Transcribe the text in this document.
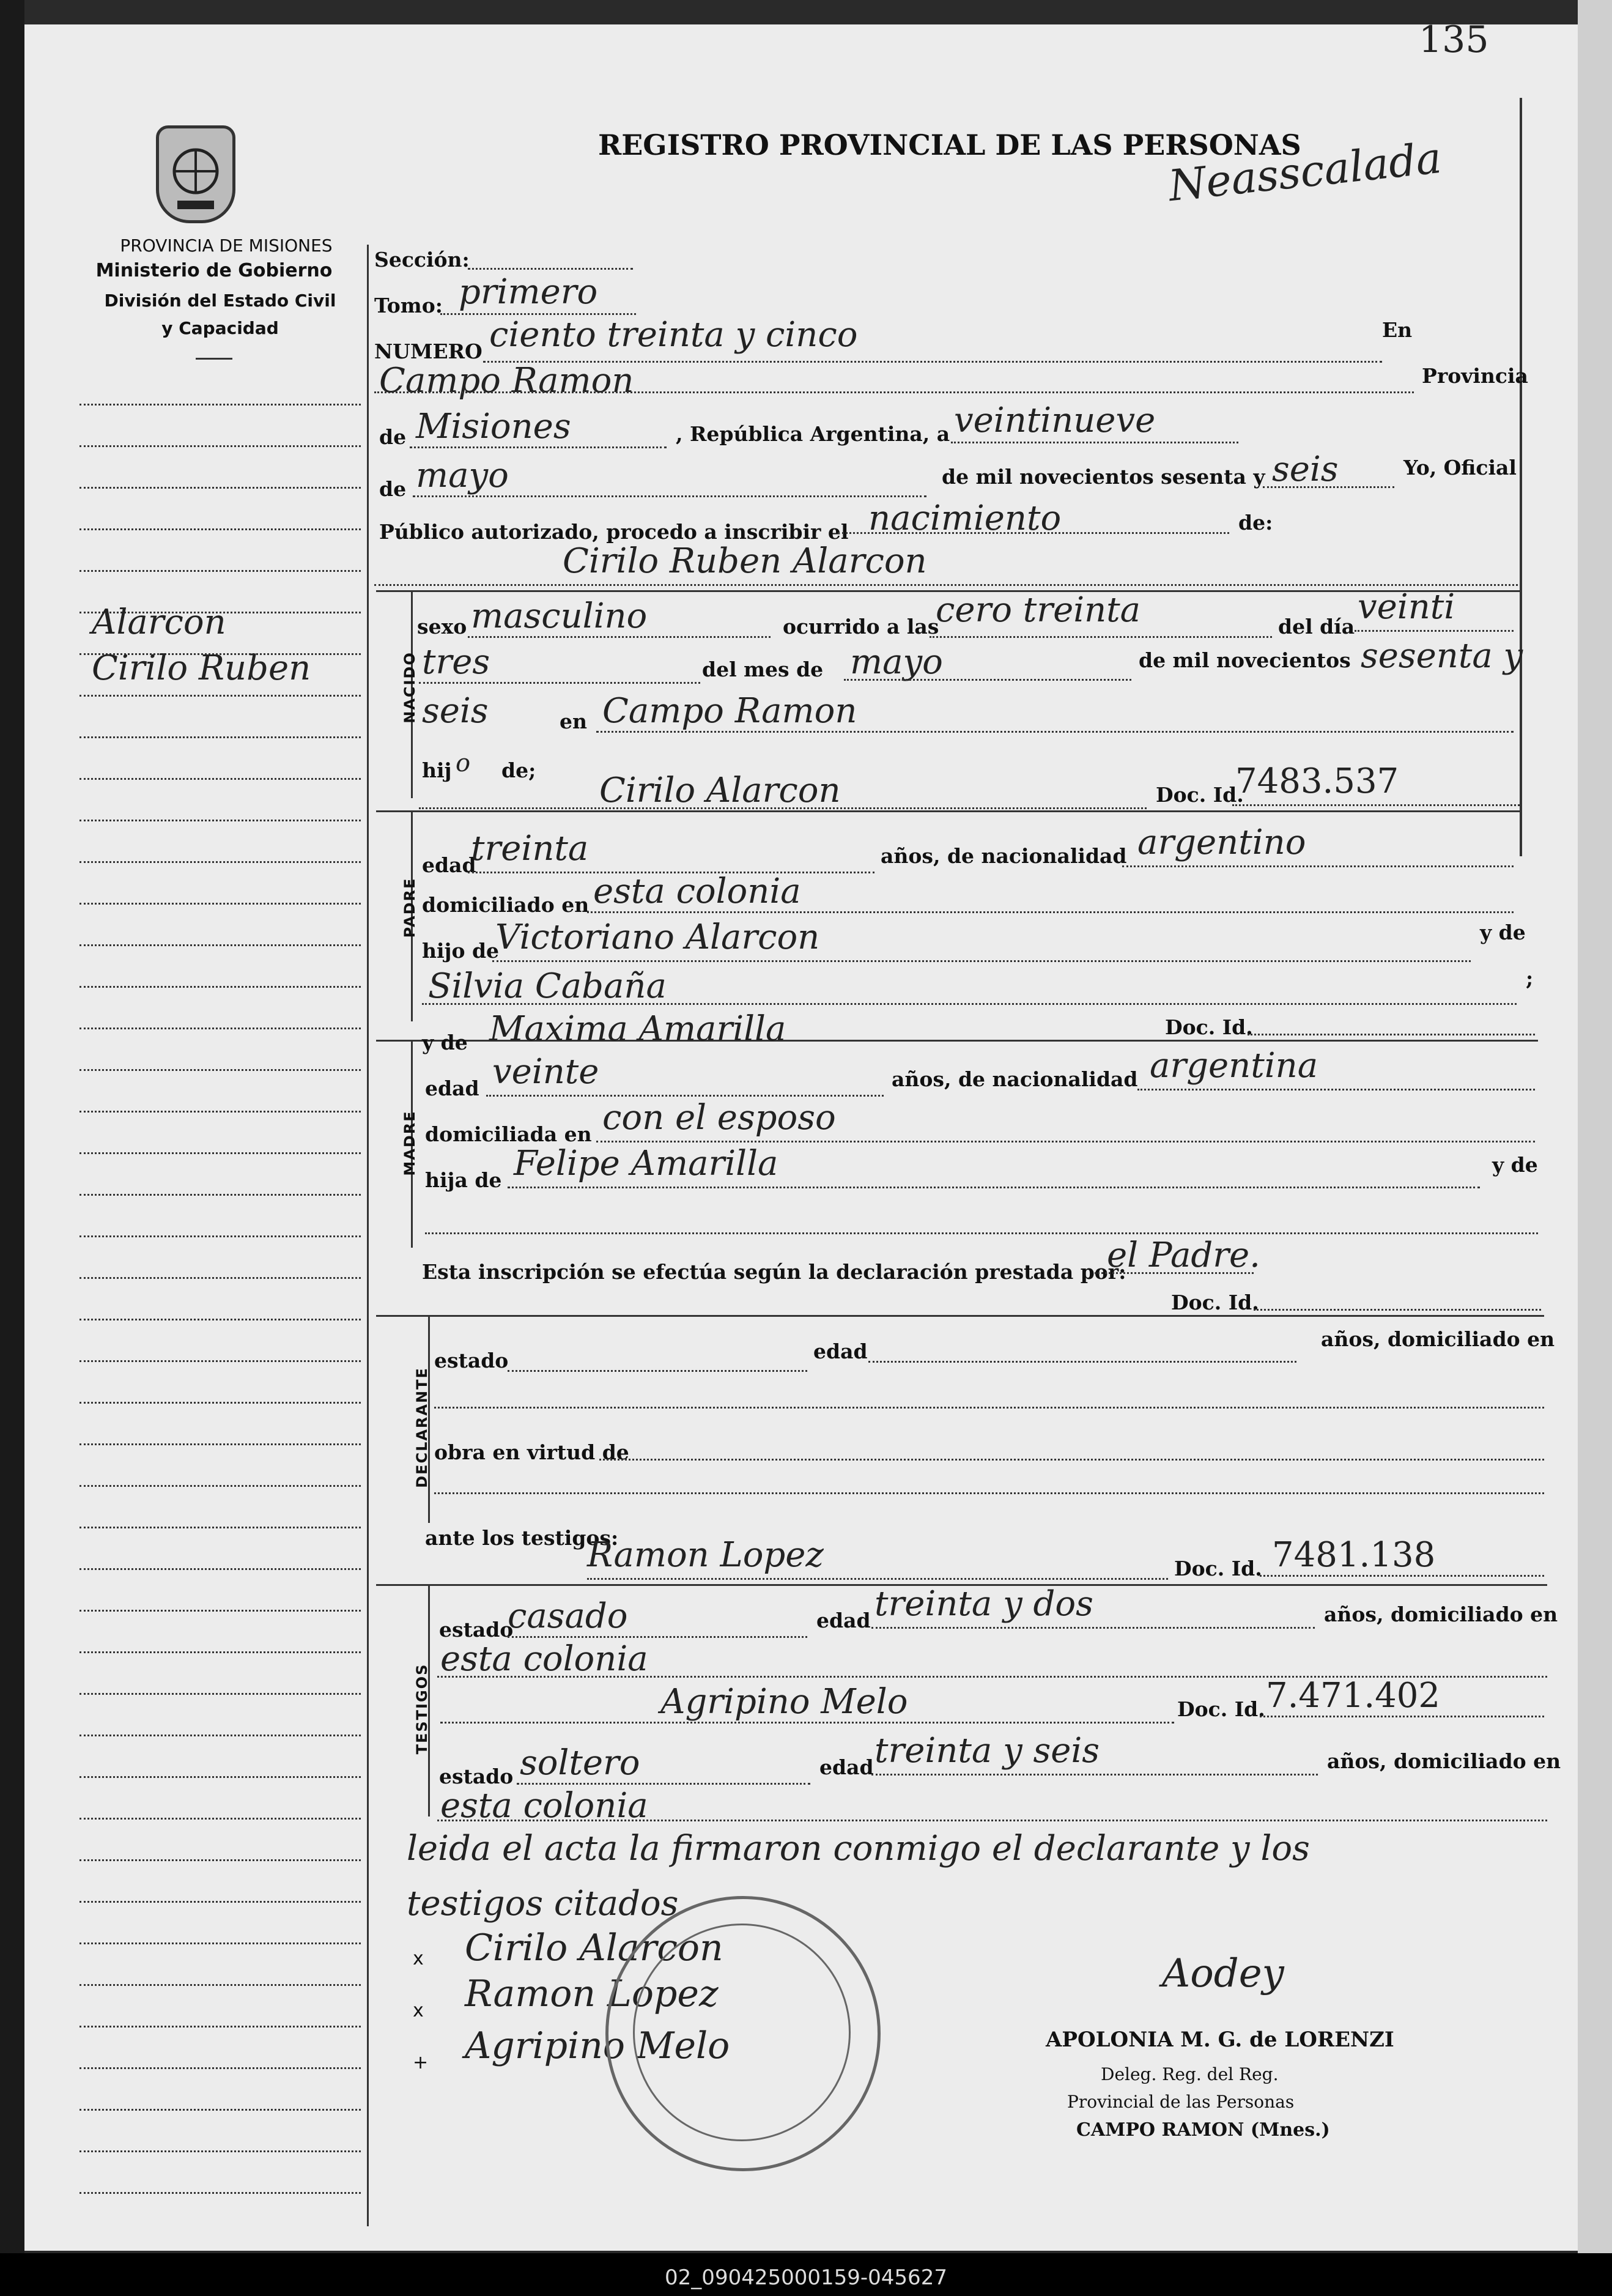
135
REGISTRO PROVINCIAL DE LAS PERSONAS
Neasscalada
PROVINCIA DE MISIONES
Ministerio de Gobierno
División del Estado Civil
y Capacidad
Alarcon
Cirilo Ruben
Sección:
Tomo: primero
NUMERO ciento treinta y cinco	En
Campo Ramon	Provincia
de Misiones	, República Argentina, a veintinueve
de mayo	de mil novecientos sesenta y seis	Yo, Oficial
Público autorizado, procedo a inscribir el nacimiento	de:
Cirilo Ruben Alarcon
NACIDO
sexo masculino	ocurrido a las
cero treinta	del día veinti
tres	del mes de mayo	de mil novecientos sesenta y
seis	en Campo Ramon
hij o de;
Cirilo Alarcon	Doc. Id.
7483.537
PADRE
edad
treinta	años, de nacionalidad argentino
domiciliado en esta colonia
hijo de
Victoriano Alarcon	y de
Silvia Cabaña	;
y de Maxima Amarilla	Doc. Id.
MADRE
edad veinte	años, de nacionalidad argentina
domiciliada en con el esposo
hija de Felipe Amarilla	y de
Esta inscripción se efectúa según la declaración prestada por:
el Padre.
Doc. Id.
DECLARANTE
estado	edad
años, domiciliado en
obra en virtud de
ante los testigos:
Ramon Lopez	Doc. Id. 7481.138
TESTIGOS
estado
casado	edad treinta y dos	años, domiciliado en
esta colonia
Agripino Melo	Doc. Id. 7.471.402
estado soltero	edad treinta y seis	años, domiciliado en
esta colonia
leida el acta la firmaron conmigo el declarante y los
testigos citados
x Cirilo Alarcon
x Ramon Lopez
+ Agripino Melo
Aodey
APOLONIA M. G. de LORENZI
Deleg. Reg. del Reg.
Provincial de las Personas
CAMPO RAMON (Mnes.)
02_090425000159-045627
